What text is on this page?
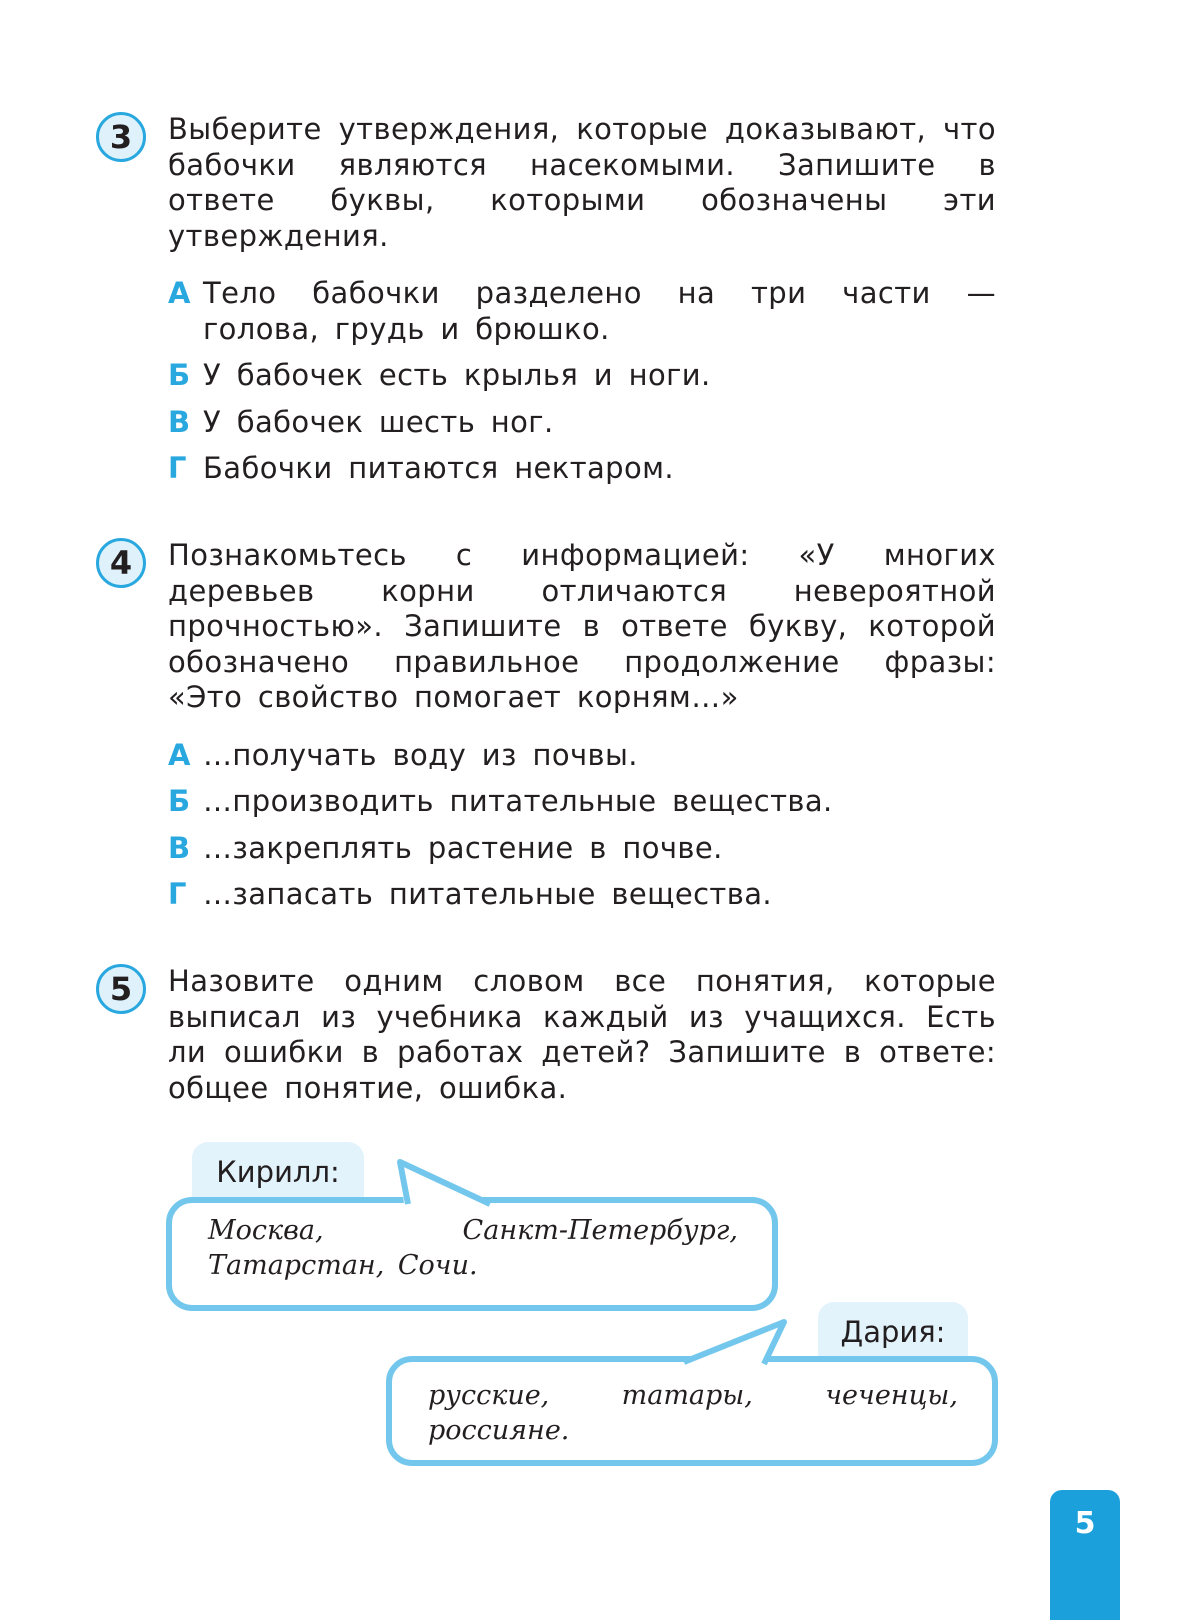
3	Выберите утверждения, которые доказывают, что бабочки являются насекомыми. Запишите в ответе буквы, которыми обозначены эти утверждения.
А Тело бабочки разделено на три части — голова, грудь и брюшко.
Б У бабочек есть крылья и ноги.
В У бабочек шесть ног.
Г Бабочки питаются нектаром.
4	Познакомьтесь с информацией: «У многих деревьев корни отличаются невероятной прочностью». Запишите в ответе букву, которой обозначено правильное продолжение фразы: «Это свойство помогает корням…»
А …получать воду из почвы.
Б …производить питательные вещества.
В …закреплять растение в почве.
Г …запасать питательные вещества.
5	Назовите одним словом все понятия, которые выписал из учебника каждый из учащихся. Есть ли ошибки в работах детей? Запишите в ответе: общее понятие, ошибка.
Кирилл:
Москва, Санкт-Петербург, Татарстан, Сочи.
Дария:
русские, татары, чеченцы, россияне.
5
